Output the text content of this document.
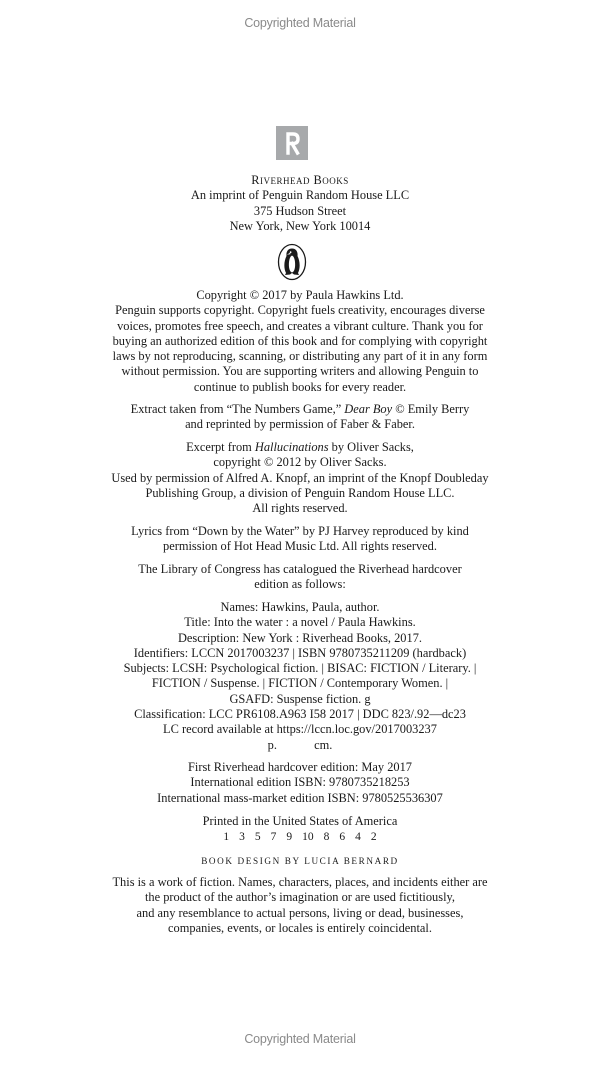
Copyrighted Material
Riverhead Books
An imprint of Penguin Random House LLC
375 Hudson Street
New York, New York 10014
Copyright © 2017 by Paula Hawkins Ltd.
Penguin supports copyright. Copyright fuels creativity, encourages diverse
voices, promotes free speech, and creates a vibrant culture. Thank you for
buying an authorized edition of this book and for complying with copyright
laws by not reproducing, scanning, or distributing any part of it in any form
without permission. You are supporting writers and allowing Penguin to
continue to publish books for every reader.
Extract taken from “The Numbers Game,” Dear Boy © Emily Berry
and reprinted by permission of Faber & Faber.
Excerpt from Hallucinations by Oliver Sacks,
copyright © 2012 by Oliver Sacks.
Used by permission of Alfred A. Knopf, an imprint of the Knopf Doubleday
Publishing Group, a division of Penguin Random House LLC.
All rights reserved.
Lyrics from “Down by the Water” by PJ Harvey reproduced by kind
permission of Hot Head Music Ltd. All rights reserved.
The Library of Congress has catalogued the Riverhead hardcover
edition as follows:
Names: Hawkins, Paula, author.
Title: Into the water : a novel / Paula Hawkins.
Description: New York : Riverhead Books, 2017.
Identifiers: LCCN 2017003237 | ISBN 9780735211209 (hardback)
Subjects: LCSH: Psychological fiction. | BISAC: FICTION / Literary. |
FICTION / Suspense. | FICTION / Contemporary Women. |
GSAFD: Suspense fiction. g
Classification: LCC PR6108.A963 I58 2017 | DDC 823/.92—dc23
LC record available at https://lccn.loc.gov/2017003237
p.            cm.
First Riverhead hardcover edition: May 2017
International edition ISBN: 9780735218253
International mass-market edition ISBN: 9780525536307
Printed in the United States of America
1 3 5 7 9 10 8 6 4 2
BOOK DESIGN BY LUCIA BERNARD
This is a work of fiction. Names, characters, places, and incidents either are
the product of the author’s imagination or are used fictitiously,
and any resemblance to actual persons, living or dead, businesses,
companies, events, or locales is entirely coincidental.
Copyrighted Material
